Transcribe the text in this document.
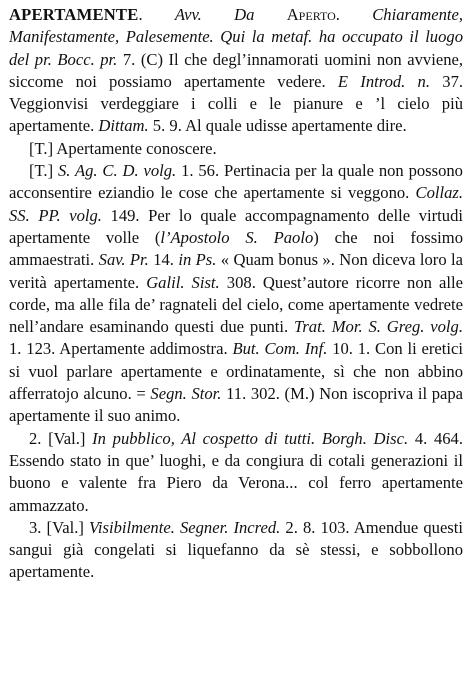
APERTAMENTE. Avv. Da Aperto. Chiaramente, Manifestamente, Palesemente. Qui la metaf. ha occupato il luogo del pr. Bocc. pr. 7. (C) Il che degl’innamorati uomini non avviene, siccome noi possiamo apertamente vedere. E Introd. n. 37. Veggionvisi verdeggiare i colli e le pianure e ’l cielo più apertamente. Dittam. 5. 9. Al quale udisse apertamente dire.

[T.] Apertamente conoscere.

[T.] S. Ag. C. D. volg. 1. 56. Pertinacia per la quale non possono acconsentire eziandio le cose che apertamente si veggono. Collaz. SS. PP. volg. 149. Per lo quale accompagnamento delle virtudi apertamente volle (l’Apostolo S. Paolo) che noi fossimo ammaestrati. Sav. Pr. 14. in Ps. « Quam bonus ». Non diceva loro la verità apertamente. Galil. Sist. 308. Quest’autore ricorre non alle corde, ma alle fila de’ ragnateli del cielo, come apertamente vedrete nell’andare esaminando questi due punti. Trat. Mor. S. Greg. volg. 1. 123. Apertamente addimostra. But. Com. Inf. 10. 1. Con li eretici si vuol parlare apertamente e ordinatamente, sì che non abbino afferratojo alcuno. = Segn. Stor. 11. 302. (M.) Non iscopriva il papa apertamente il suo animo.

2. [Val.] In pubblico, Al cospetto di tutti. Borgh. Disc. 4. 464. Essendo stato in que’ luoghi, e da congiura di cotali generazioni il buono e valente fra Piero da Verona... col ferro apertamente ammazzato.

3. [Val.] Visibilmente. Segner. Incred. 2. 8. 103. Amendue questi sangui già congelati si liquefanno da sè stessi, e sobbollono apertamente.
